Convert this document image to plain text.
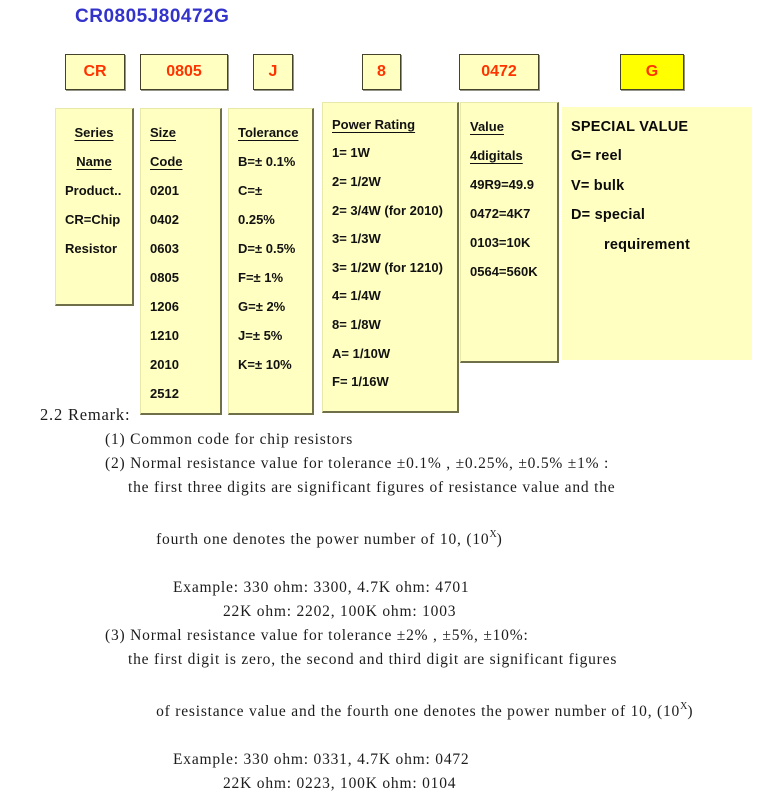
CR0805J80472G
CR	0805	J	8	0472	G
Series
Name
Product..
CR=Chip
Resistor
Size
Code
0201
0402
0603
0805
1206
1210
2010
2512
Tolerance
B=± 0.1%
C=±
0.25%
D=± 0.5%
F=± 1%
G=± 2%
J=± 5%
K=± 10%
Power Rating
1= 1W
2= 1/2W
2= 3/4W (for 2010)
3= 1/3W
3= 1/2W (for 1210)
4= 1/4W
8= 1/8W
A= 1/10W
F= 1/16W
Value
4digitals
49R9=49.9
0472=4K7
0103=10K
0564=560K
SPECIAL VALUE
G= reel
V= bulk
D= special
requirement
2.2 Remark:
(1) Common code for chip resistors
(2) Normal resistance value for tolerance ±0.1% , ±0.25%, ±0.5% ±1% :
the first three digits are significant figures of resistance value and the

fourth one denotes the power number of 10, $(10^X)$

Example: 330 ohm: 3300, 4.7K ohm: 4701
22K ohm: 2202, 100K ohm: 1003
(3) Normal resistance value for tolerance ±2% , ±5%, ±10%:
the first digit is zero, the second and third digit are significant figures

of resistance value and the fourth one denotes the power number of 10, $(10^X)$

Example: 330 ohm: 0331, 4.7K ohm: 0472
22K ohm: 0223, 100K ohm: 0104
